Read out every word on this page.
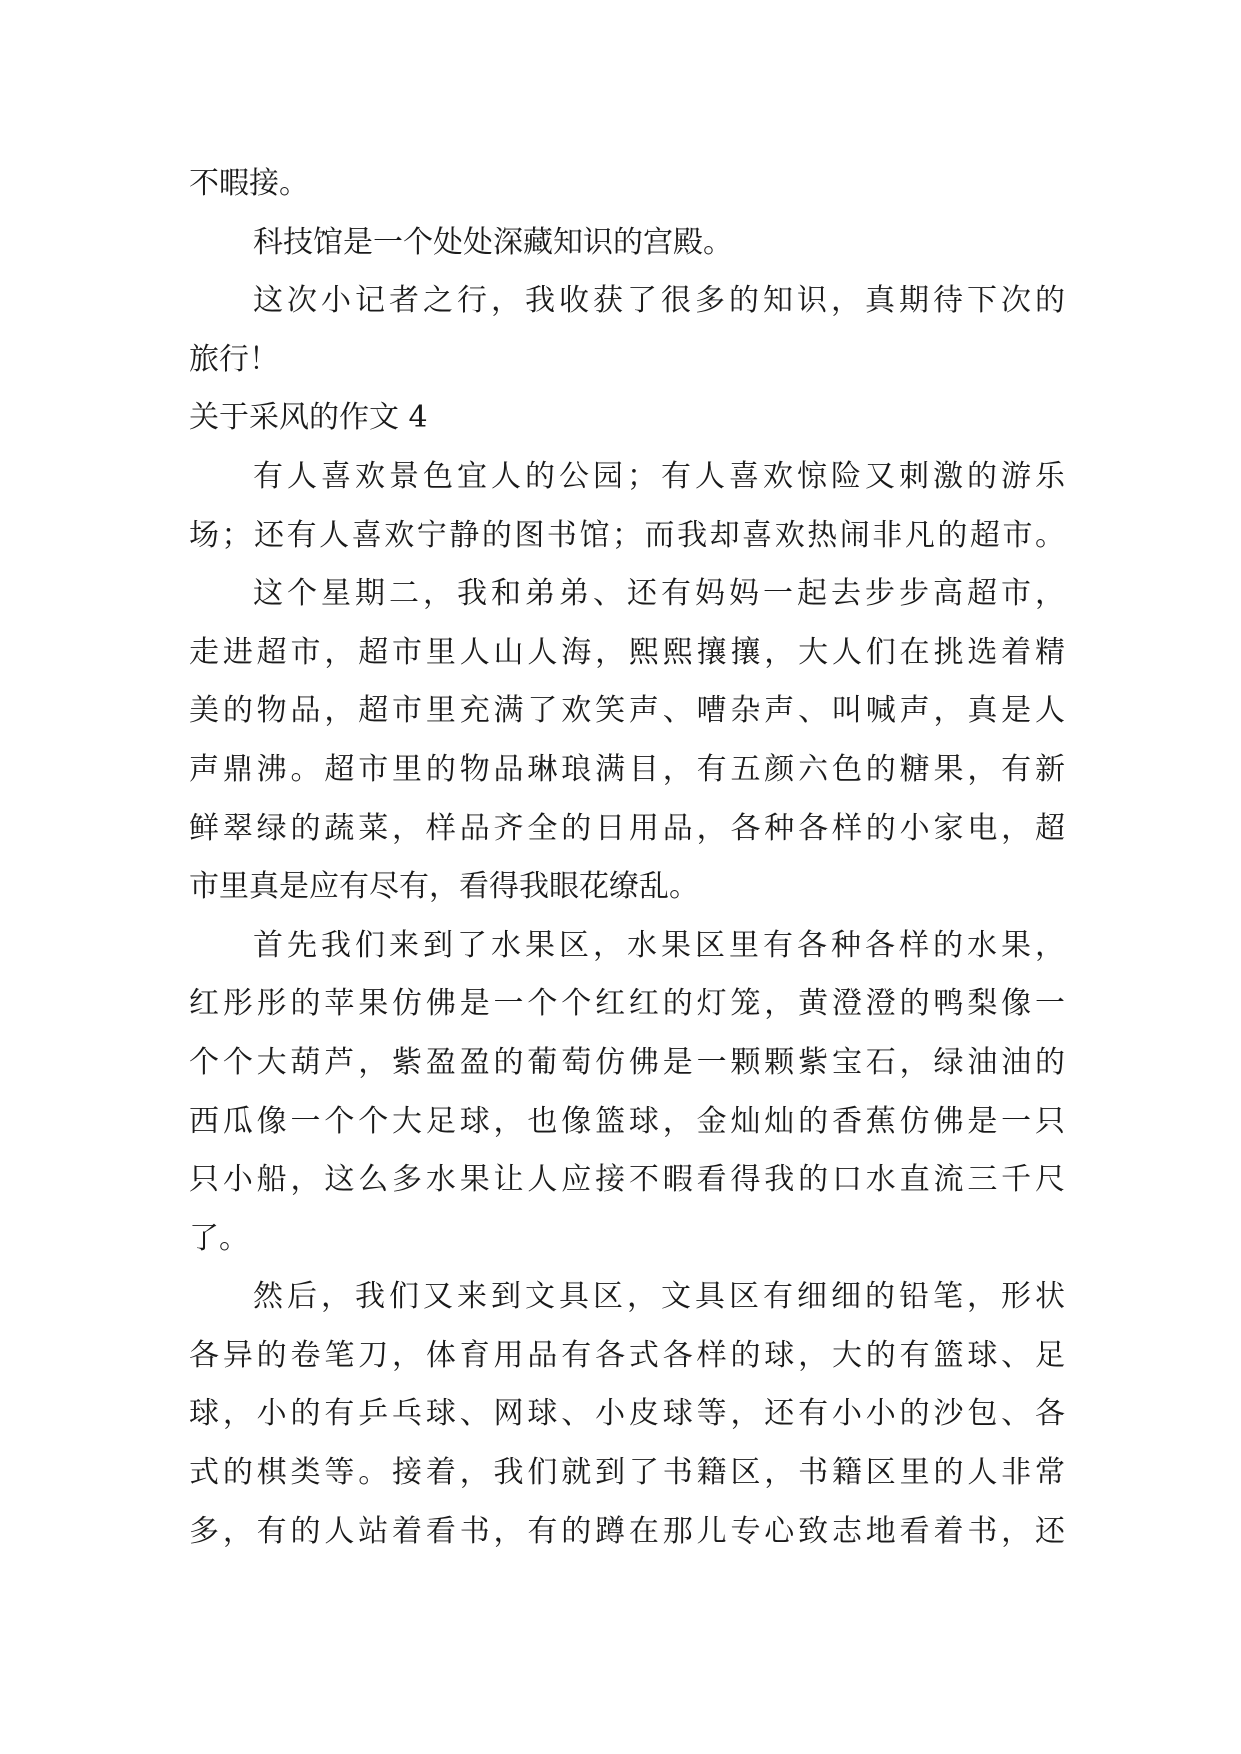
不暇接。
科技馆是一个处处深藏知识的宫殿。
这次小记者之行，我收获了很多的知识，真期待下次的
旅行！
关于采风的作文 4
有人喜欢景色宜人的公园；有人喜欢惊险又刺激的游乐
场；还有人喜欢宁静的图书馆；而我却喜欢热闹非凡的超市。
这个星期二，我和弟弟、还有妈妈一起去步步高超市，
走进超市，超市里人山人海，熙熙攘攘，大人们在挑选着精
美的物品，超市里充满了欢笑声、嘈杂声、叫喊声，真是人
声鼎沸。超市里的物品琳琅满目，有五颜六色的糖果，有新
鲜翠绿的蔬菜，样品齐全的日用品，各种各样的小家电，超
市里真是应有尽有，看得我眼花缭乱。
首先我们来到了水果区，水果区里有各种各样的水果，
红彤彤的苹果仿佛是一个个红红的灯笼，黄澄澄的鸭梨像一
个个大葫芦，紫盈盈的葡萄仿佛是一颗颗紫宝石，绿油油的
西瓜像一个个大足球，也像篮球，金灿灿的香蕉仿佛是一只
只小船，这么多水果让人应接不暇看得我的口水直流三千尺
了。
然后，我们又来到文具区，文具区有细细的铅笔，形状
各异的卷笔刀，体育用品有各式各样的球，大的有篮球、足
球，小的有乒乓球、网球、小皮球等，还有小小的沙包、各
式的棋类等。接着，我们就到了书籍区，书籍区里的人非常
多，有的人站着看书，有的蹲在那儿专心致志地看着书，还
